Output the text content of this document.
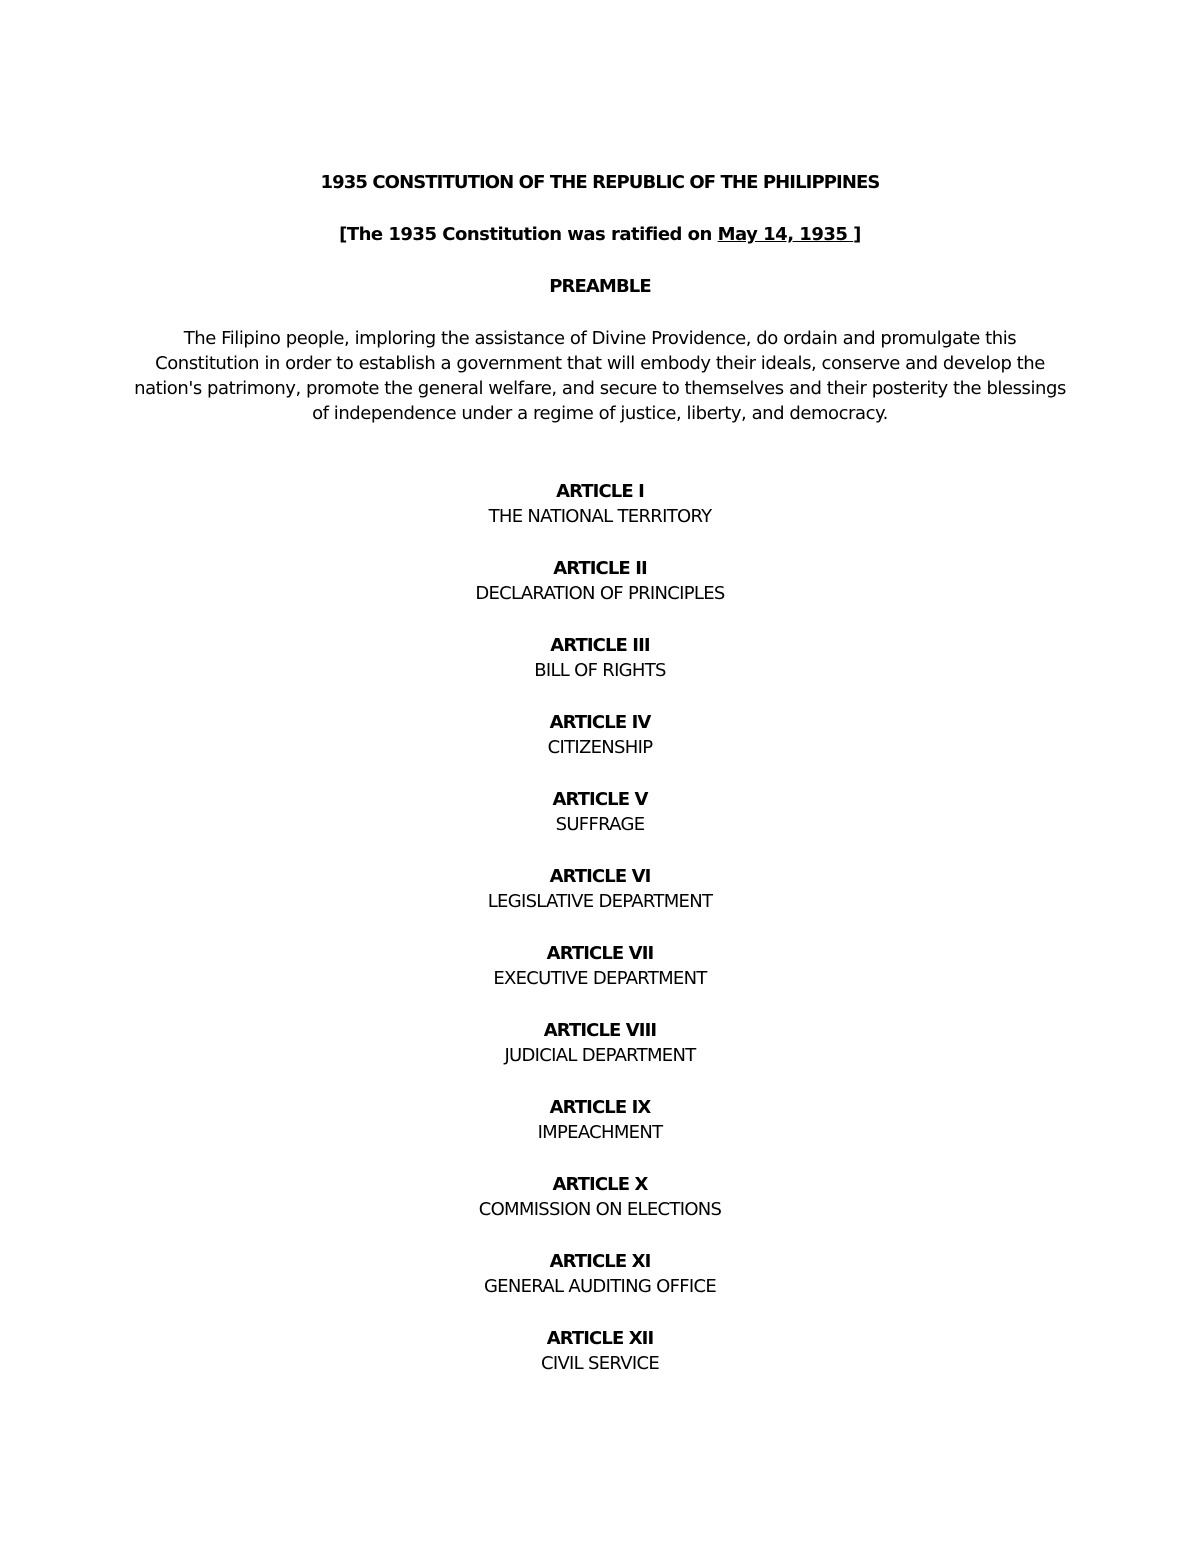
1935 CONSTITUTION OF THE REPUBLIC OF THE PHILIPPINES
[The 1935 Constitution was ratified on May 14, 1935 ]
PREAMBLE
The Filipino people, imploring the assistance of Divine Providence, do ordain and promulgate this Constitution in order to establish a government that will embody their ideals, conserve and develop the nation's patrimony, promote the general welfare, and secure to themselves and their posterity the blessings of independence under a regime of justice, liberty, and democracy.
ARTICLE I
THE NATIONAL TERRITORY
ARTICLE II
DECLARATION OF PRINCIPLES
ARTICLE III
BILL OF RIGHTS
ARTICLE IV
CITIZENSHIP
ARTICLE V
SUFFRAGE
ARTICLE VI
LEGISLATIVE DEPARTMENT
ARTICLE VII
EXECUTIVE DEPARTMENT
ARTICLE VIII
JUDICIAL DEPARTMENT
ARTICLE IX
IMPEACHMENT
ARTICLE X
COMMISSION ON ELECTIONS
ARTICLE XI
GENERAL AUDITING OFFICE
ARTICLE XII
CIVIL SERVICE
